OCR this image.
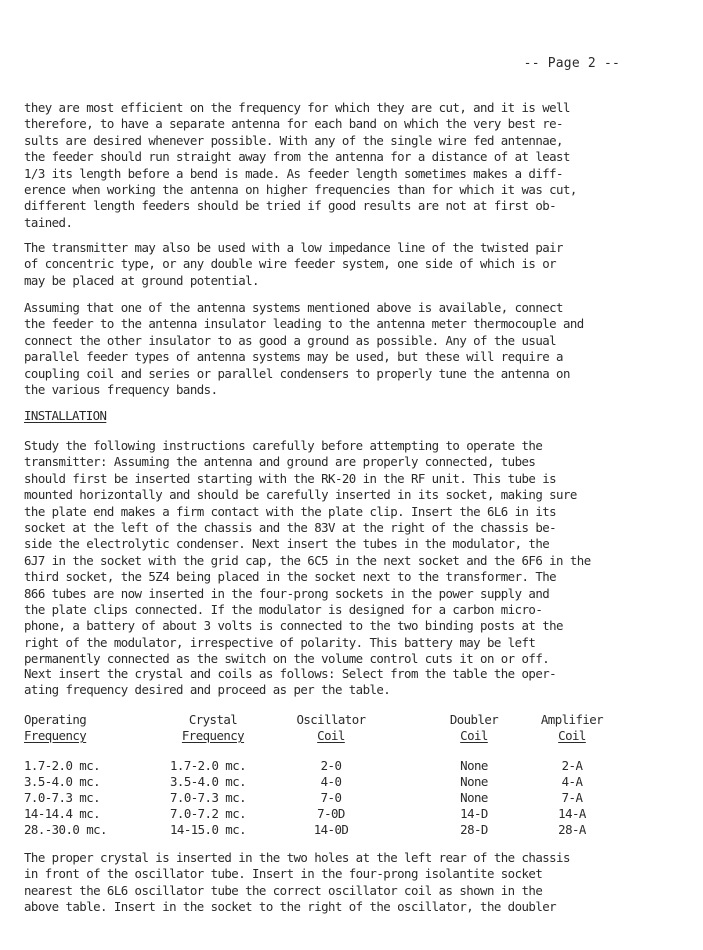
-- Page 2 --
they are most efficient on the frequency for which they are cut, and it is well
therefore, to have a separate antenna for each band on which the very best re-
sults are desired whenever possible. With any of the single wire fed antennae,
the feeder should run straight away from the antenna for a distance of at least
1/3 its length before a bend is made. As feeder length sometimes makes a diff-
erence when working the antenna on higher frequencies than for which it was cut,
different length feeders should be tried if good results are not at first ob-
tained.
The transmitter may also be used with a low impedance line of the twisted pair
of concentric type, or any double wire feeder system, one side of which is or
may be placed at ground potential.
Assuming that one of the antenna systems mentioned above is available, connect
the feeder to the antenna insulator leading to the antenna meter thermocouple and
connect the other insulator to as good a ground as possible. Any of the usual
parallel feeder types of antenna systems may be used, but these will require a
coupling coil and series or parallel condensers to properly tune the antenna on
the various frequency bands.
INSTALLATION
Study the following instructions carefully before attempting to operate the
transmitter: Assuming the antenna and ground are properly connected, tubes
should first be inserted starting with the RK-20 in the RF unit. This tube is
mounted horizontally and should be carefully inserted in its socket, making sure
the plate end makes a firm contact with the plate clip. Insert the 6L6 in its
socket at the left of the chassis and the 83V at the right of the chassis be-
side the electrolytic condenser. Next insert the tubes in the modulator, the
6J7 in the socket with the grid cap, the 6C5 in the next socket and the 6F6 in the
third socket, the 5Z4 being placed in the socket next to the transformer. The
866 tubes are now inserted in the four-prong sockets in the power supply and
the plate clips connected. If the modulator is designed for a carbon micro-
phone, a battery of about 3 volts is connected to the two binding posts at the
right of the modulator, irrespective of polarity. This battery may be left
permanently connected as the switch on the volume control cuts it on or off.
Next insert the crystal and coils as follows: Select from the table the oper-
ating frequency desired and proceed as per the table.
Operating	Crystal	Oscillator	Doubler	Amplifier
Frequency	Frequency	Coil	Coil	Coil
1.7-2.0 mc.	1.7-2.0 mc.	2-0	None	2-A
3.5-4.0 mc.	3.5-4.0 mc.	4-0	None	4-A
7.0-7.3 mc.	7.0-7.3 mc.	7-0	None	7-A
14-14.4 mc.	7.0-7.2 mc.	7-0D	14-D	14-A
28.-30.0 mc.	14-15.0 mc.	14-0D	28-D	28-A
The proper crystal is inserted in the two holes at the left rear of the chassis
in front of the oscillator tube. Insert in the four-prong isolantite socket
nearest the 6L6 oscillator tube the correct oscillator coil as shown in the
above table. Insert in the socket to the right of the oscillator, the doubler
